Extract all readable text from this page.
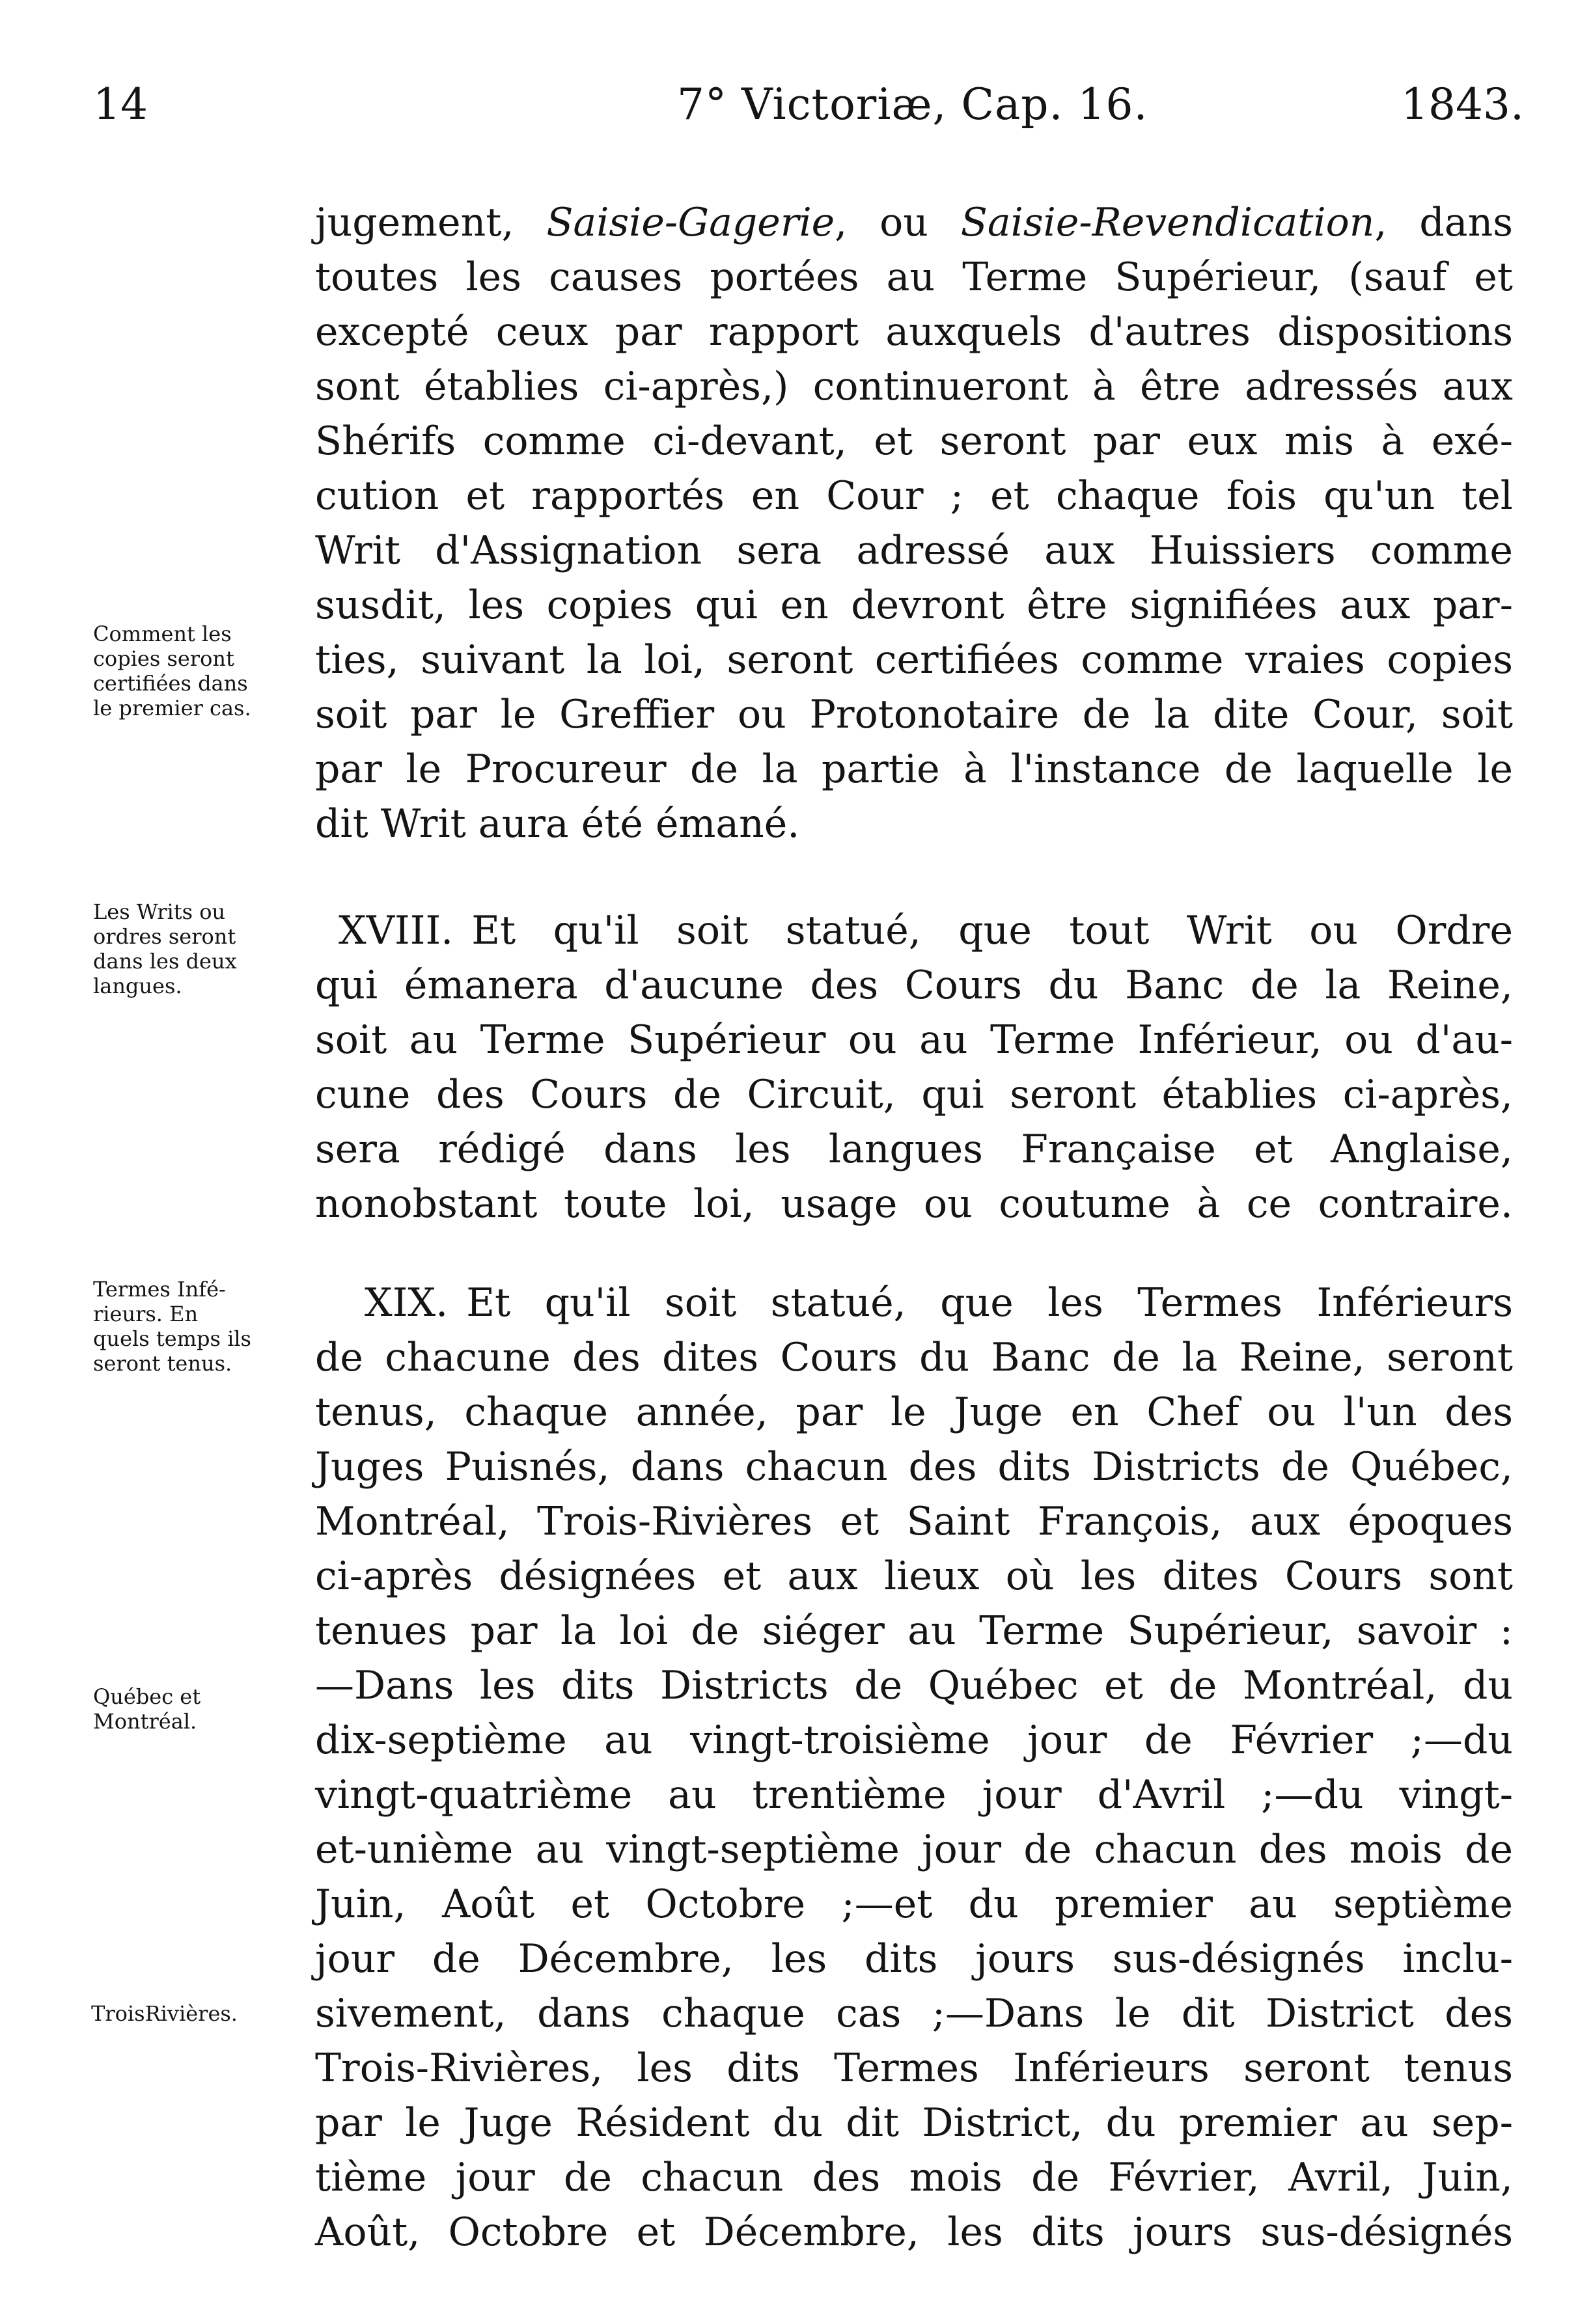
14	7° Victoriæ, Cap. 16.	1843.
jugement, Saisie-Gagerie, ou Saisie-Revendication, dans
toutes les causes portées au Terme Supérieur, (sauf et
excepté ceux par rapport auxquels d'autres dispositions
sont établies ci-après,) continueront à être adressés aux
Shérifs comme ci-devant, et seront par eux mis à exé-
cution et rapportés en Cour ; et chaque fois qu'un tel
Writ d'Assignation sera adressé aux Huissiers comme
susdit, les copies qui en devront être signifiées aux par-
ties, suivant la loi, seront certifiées comme vraies copies
soit par le Greffier ou Protonotaire de la dite Cour, soit
par le Procureur de la partie à l'instance de laquelle le
dit Writ aura été émané.
Comment les
copies seront
certifiées dans
le premier cas.
XVIII. Et qu'il soit statué, que tout Writ ou Ordre
qui émanera d'aucune des Cours du Banc de la Reine,
soit au Terme Supérieur ou au Terme Inférieur, ou d'au-
cune des Cours de Circuit, qui seront établies ci-après,
sera rédigé dans les langues Française et Anglaise,
nonobstant toute loi, usage ou coutume à ce contraire.
Les Writs ou
ordres seront
dans les deux
langues.
XIX. Et qu'il soit statué, que les Termes Inférieurs
de chacune des dites Cours du Banc de la Reine, seront
tenus, chaque année, par le Juge en Chef ou l'un des
Juges Puisnés, dans chacun des dits Districts de Québec,
Montréal, Trois-Rivières et Saint François, aux époques
ci-après désignées et aux lieux où les dites Cours sont
tenues par la loi de siéger au Terme Supérieur, savoir :
—Dans les dits Districts de Québec et de Montréal, du
dix-septième au vingt-troisième jour de Février ;—du
vingt-quatrième au trentième jour d'Avril ;—du vingt-
et-unième au vingt-septième jour de chacun des mois de
Juin, Août et Octobre ;—et du premier au septième
jour de Décembre, les dits jours sus-désignés inclu-
sivement, dans chaque cas ;—Dans le dit District des
Trois-Rivières, les dits Termes Inférieurs seront tenus
par le Juge Résident du dit District, du premier au sep-
tième jour de chacun des mois de Février, Avril, Juin,
Août, Octobre et Décembre, les dits jours sus-désignés
Termes Infé-
rieurs. En
quels temps ils
seront tenus.
Québec et
Montréal.
TroisRivières.
